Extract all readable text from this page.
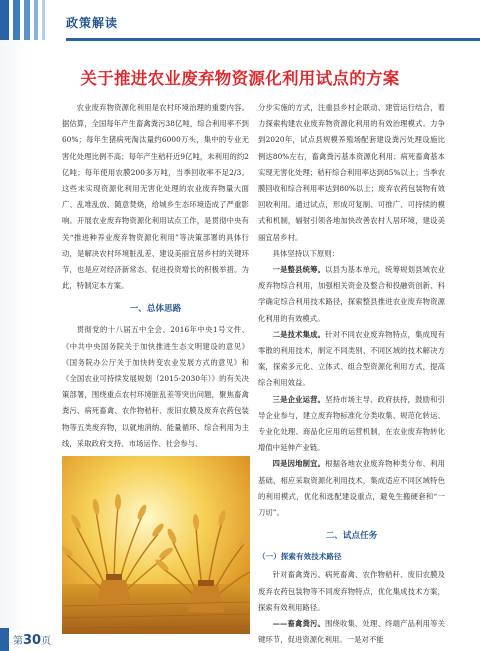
政策解读
关于推进农业废弃物资源化利用试点的方案

农业废弃物资源化利用是农村环境治理的重要内容。据估算，全国每年产生畜禽粪污38亿吨，综合利用率不到60%；每年生猪病死淘汰量约6000万头，集中的专业无害化处理比例不高；每年产生秸秆近9亿吨，未利用的约2亿吨；每年使用农膜200多万吨，当季回收率不足2/3。这些未实现资源化利用无害化处理的农业废弃物量大面广、乱堆乱放、随意焚烧，给城乡生态环境造成了严重影响。开展农业废弃物资源化利用试点工作，是贯彻中央有关“推进种养业废弃物资源化利用”等决策部署的具体行动，是解决农村环境脏乱差、建设美丽宜居乡村的关键环节，也是应对经济新常态、促进投资增长的积极举措。为此，特制定本方案。

一、总体思路

贯彻党的十八届五中全会、2016年中央1号文件、《中共中央国务院关于加快推进生态文明建设的意见》《国务院办公厅关于加快转变农业发展方式的意见》和《全国农业可持续发展规划（2015-2030年）》的有关决策部署，围绕重点农村环境脏乱差等突出问题，聚焦畜禽粪污、病死畜禽、农作物秸秆、废旧农膜及废弃农药包装物等五类废弃物，以就地消纳、能量循环、综合利用为主线，采取政府支持、市场运作、社会参与、

分步实施的方式，注重县乡村企联动、建管运行结合，着力探索构建农业废弃物资源化利用的有效治理模式。力争到2020年，试点县规模养殖场配套建设粪污处理设施比例达80%左右，畜禽粪污基本资源化利用；病死畜禽基本实现无害化处理；秸秆综合利用率达到85%以上；当季农膜回收和综合利用率达到80%以上；废弃农药包装物有效回收利用。通过试点，形成可复制、可推广、可持续的模式和机制，辐射引领各地加快改善农村人居环境，建设美丽宜居乡村。

具体坚持以下原则：

一是整县统筹。以县为基本单元，统筹规划县域农业废弃物综合利用，加强相关资金及整合和投融资创新、科学确定综合利用技术路径，探索整县推进农业废弃物资源化利用的有效模式。

二是技术集成。针对不同农业废弃物特点，集成现有零散的利用技术，制定不同类别、不同区域的技术解决方案，探索多元化、立体式、组合型资源化利用方式，提高综合利用效益。

三是企业运营。坚持市场主导、政府扶持，鼓励和引导企业参与，建立废弃物标准化分类收集、规范化转运、专业化处理、商品化应用的运营机制，在农业废弃物转化增值中延伸产业链。

四是因地制宜。根据各地农业废弃物种类分布、利用基础，相应采取资源化利用技术，集成适应不同区域特色的利用模式，优化和选配建设重点，避免生搬硬套和“一刀切”。

二、试点任务

（一）探索有效技术路径

针对畜禽粪污、病死畜禽、农作物秸秆、废旧农膜及废弃农药包装物等不同废弃物特点，优化集成技术方案，探索有效利用路径。

——畜禽粪污。围绕收集、处理、终端产品利用等关键环节，促进资源化利用。一是对不能

第30页
